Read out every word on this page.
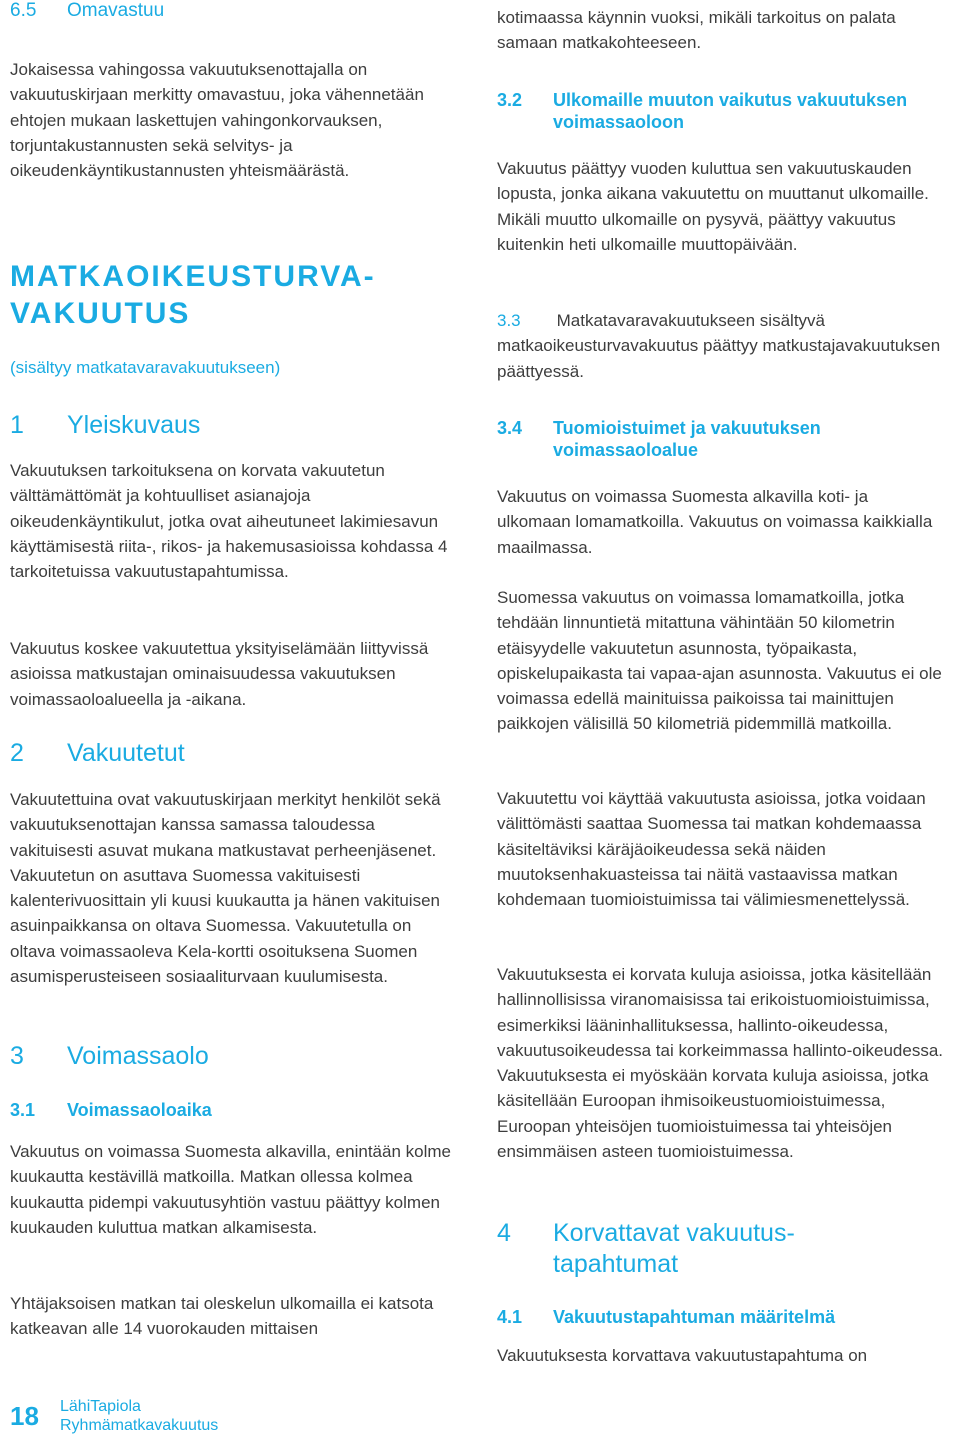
6.5 Omavastuu

Jokaisessa vahingossa vakuutuksenottajalla on vakuutuskirjaan merkitty omavastuu, joka vähennetään ehtojen mukaan laskettujen vahingonkorvauksen, torjuntakustannusten sekä selvitys- ja oikeudenkäyntikustannusten yhteismäärästä.

MATKAOIKEUSTURVA-
VAKUUTUS

(sisältyy matkatavaravakuutukseen)

1 Yleiskuvaus

Vakuutuksen tarkoituksena on korvata vakuutetun välttämättömät ja kohtuulliset asianajoja oikeudenkäyntikulut, jotka ovat aiheutuneet lakimiesavun käyttämisestä riita-, rikos- ja hakemusasioissa kohdassa 4 tarkoitetuissa vakuutustapahtumissa.

Vakuutus koskee vakuutettua yksityiselämään liittyvissä asioissa matkustajan ominaisuudessa vakuutuksen voimassaoloalueella ja -aikana.

2 Vakuutetut

Vakuutettuina ovat vakuutuskirjaan merkityt henkilöt sekä vakuutuksenottajan kanssa samassa taloudessa vakituisesti asuvat mukana matkustavat perheenjäsenet. Vakuutetun on asuttava Suomessa vakituisesti kalenterivuosittain yli kuusi kuukautta ja hänen vakituisen asuinpaikkansa on oltava Suomessa. Vakuutetulla on oltava voimassaoleva Kela-kortti osoituksena Suomen asumisperusteiseen sosiaaliturvaan kuulumisesta.

3 Voimassaolo
3.1 Voimassaoloaika

Vakuutus on voimassa Suomesta alkavilla, enintään kolme kuukautta kestävillä matkoilla. Matkan ollessa kolmea kuukautta pidempi vakuutusyhtiön vastuu päättyy kolmen kuukauden kuluttua matkan alkamisesta.

Yhtäjaksoisen matkan tai oleskelun ulkomailla ei katsota katkeavan alle 14 vuorokauden mittaisen

kotimaassa käynnin vuoksi, mikäli tarkoitus on palata samaan matkakohteeseen.

3.2 Ulkomaille muuton vaikutus vakuutuksen
voimassaoloon

Vakuutus päättyy vuoden kuluttua sen vakuutuskauden lopusta, jonka aikana vakuutettu on muuttanut ulkomaille. Mikäli muutto ulkomaille on pysyvä, päättyy vakuutus kuitenkin heti ulkomaille muuttopäivään.

3.3 Matkatavaravakuutukseen sisältyvä matkaoikeusturvavakuutus päättyy matkustajavakuutuksen päättyessä.

3.4 Tuomioistuimet ja vakuutuksen
voimassaoloalue

Vakuutus on voimassa Suomesta alkavilla koti- ja ulkomaan lomamatkoilla. Vakuutus on voimassa kaikkialla maailmassa.

Suomessa vakuutus on voimassa lomamatkoilla, jotka tehdään linnuntietä mitattuna vähintään 50 kilometrin etäisyydelle vakuutetun asunnosta, työpaikasta, opiskelupaikasta tai vapaa-ajan asunnosta. Vakuutus ei ole voimassa edellä mainituissa paikoissa tai mainittujen paikkojen välisillä 50 kilometriä pidemmillä matkoilla.

Vakuutettu voi käyttää vakuutusta asioissa, jotka voidaan välittömästi saattaa Suomessa tai matkan kohdemaassa käsiteltäviksi käräjäoikeudessa sekä näiden muutoksenhakuasteissa tai näitä vastaavissa matkan kohdemaan tuomioistuimissa tai välimiesmenettelyssä.

Vakuutuksesta ei korvata kuluja asioissa, jotka käsitellään hallinnollisissa viranomaisissa tai erikoistuomioistuimissa, esimerkiksi lääninhallituksessa, hallinto-oikeudessa, vakuutusoikeudessa tai korkeimmassa hallinto-oikeudessa. Vakuutuksesta ei myöskään korvata kuluja asioissa, jotka käsitellään Euroopan ihmisoikeustuomioistuimessa, Euroopan yhteisöjen tuomioistuimessa tai yhteisöjen ensimmäisen asteen tuomioistuimessa.

4 Korvattavat vakuutus-
tapahtumat
4.1 Vakuutustapahtuman määritelmä

Vakuutuksesta korvattava vakuutustapahtuma on

18 LähiTapiola
Ryhmämatkavakuutus
